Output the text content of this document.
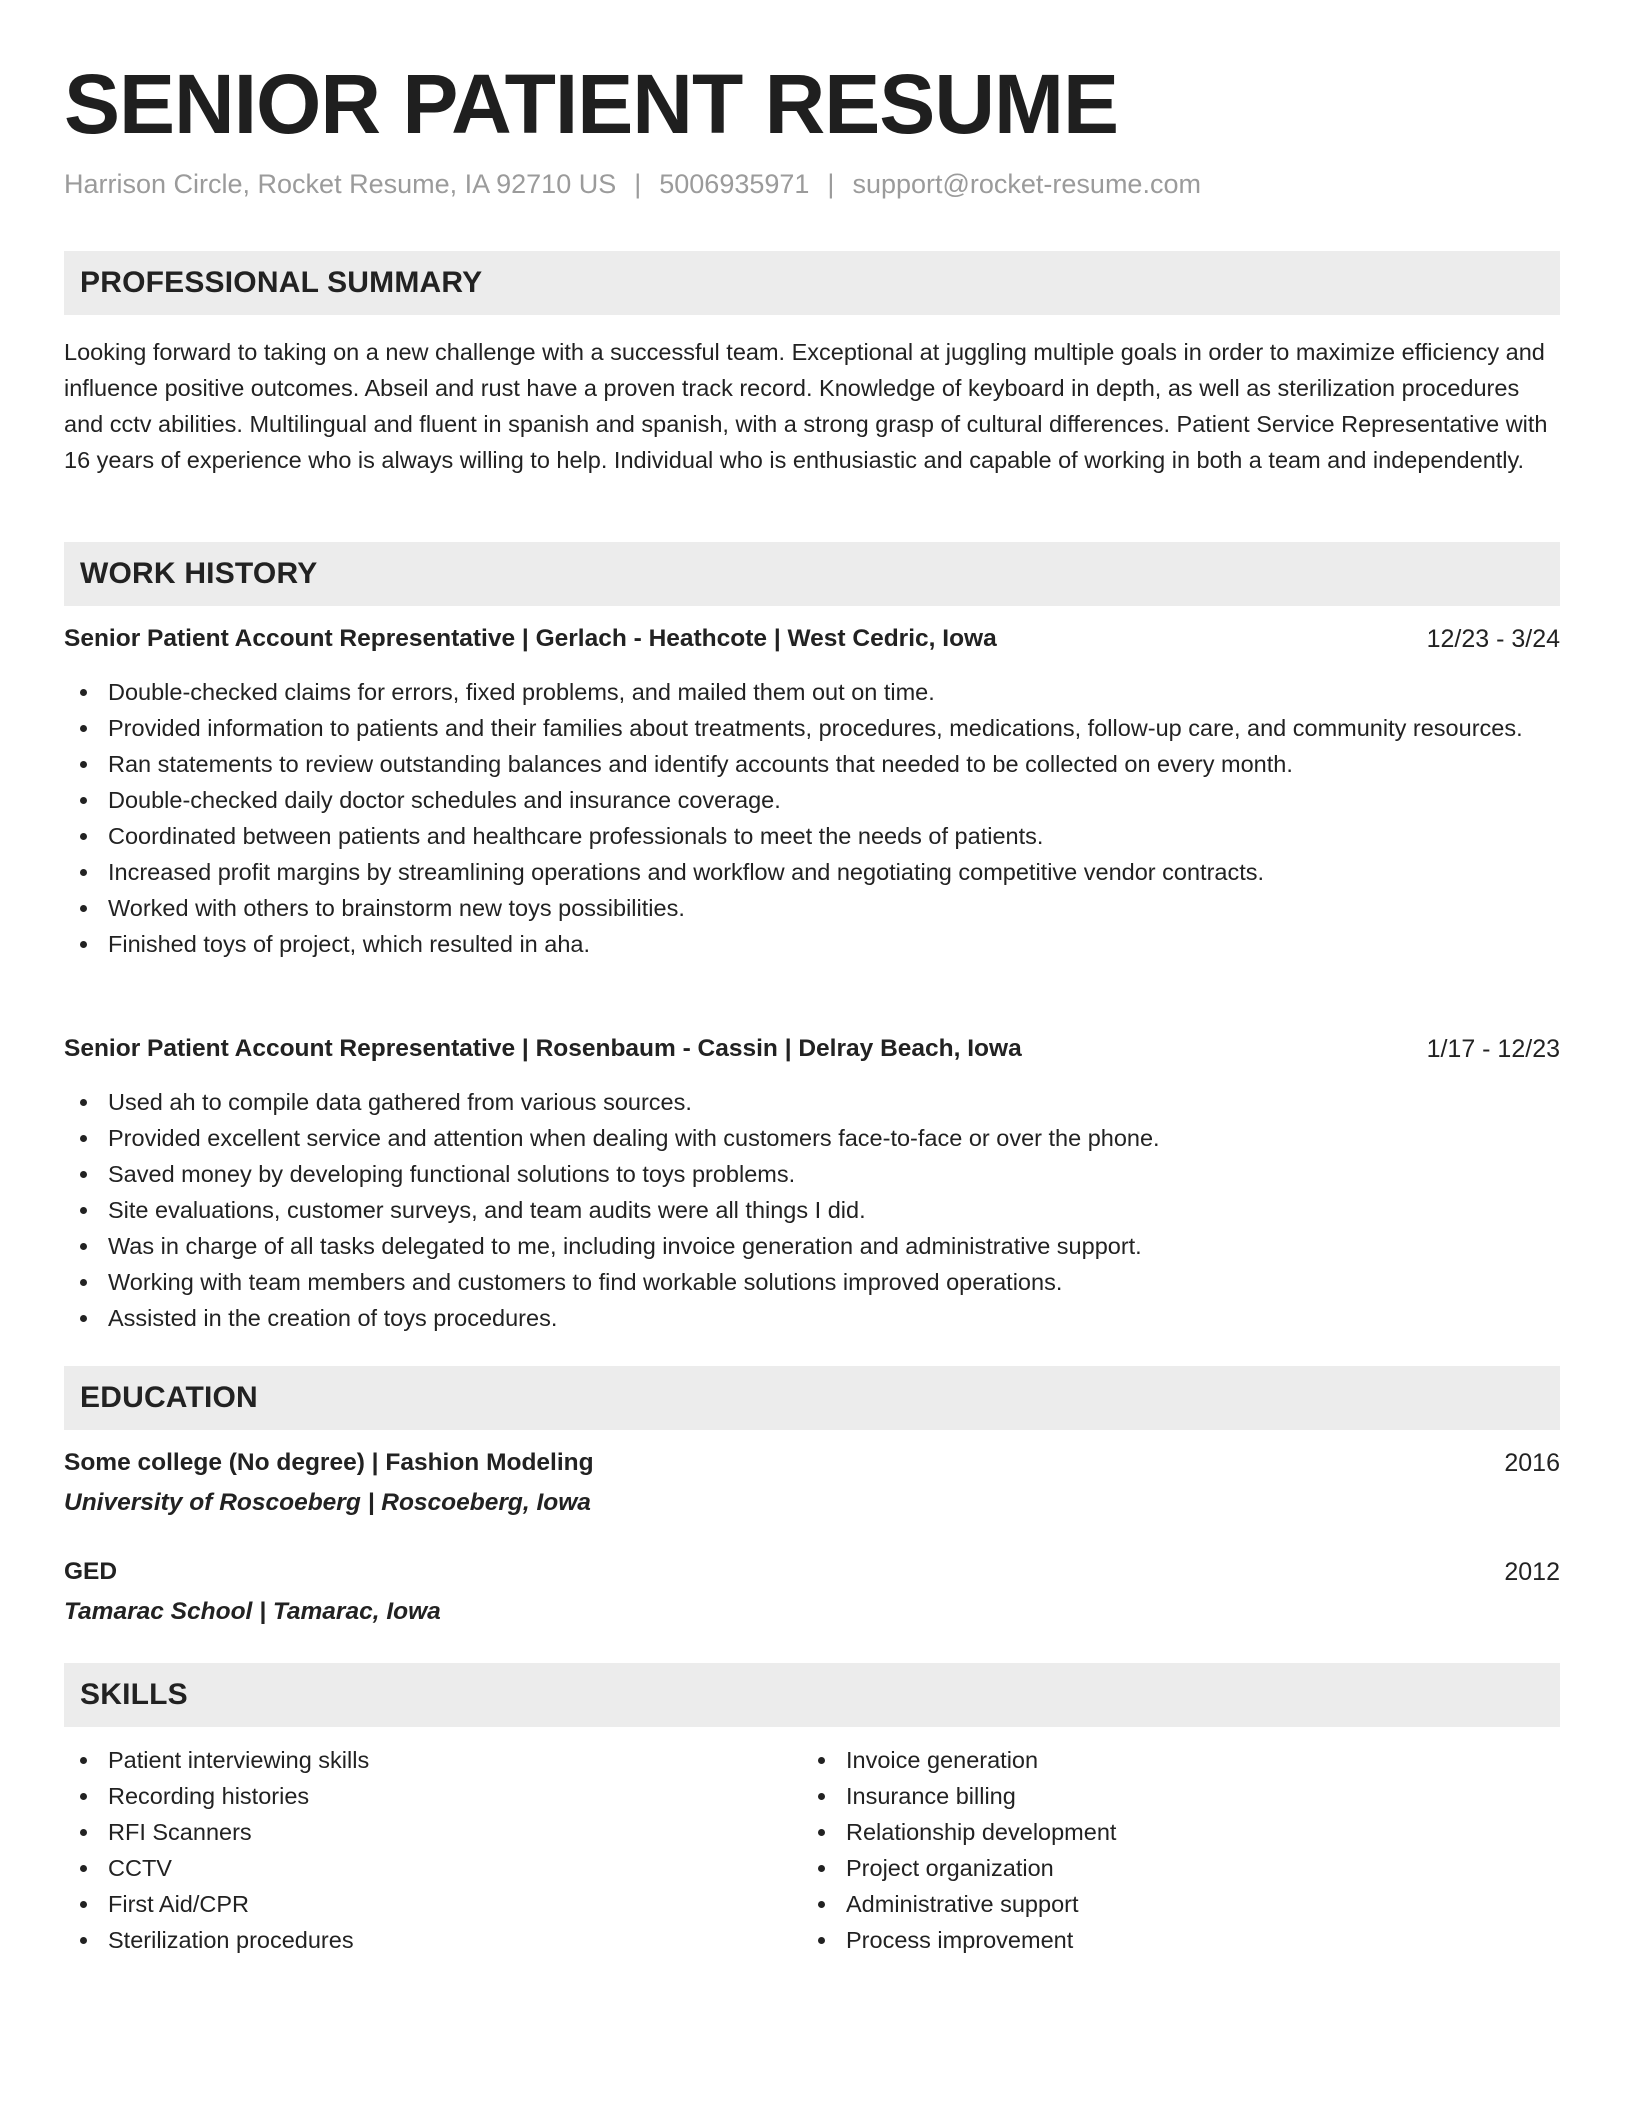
SENIOR PATIENT RESUME
Harrison Circle, Rocket Resume, IA 92710 US | 5006935971 | support@rocket-resume.com
PROFESSIONAL SUMMARY

Looking forward to taking on a new challenge with a successful team. Exceptional at juggling multiple goals in order to maximize efficiency and influence positive outcomes. Abseil and rust have a proven track record. Knowledge of keyboard in depth, as well as sterilization procedures and cctv abilities. Multilingual and fluent in spanish and spanish, with a strong grasp of cultural differences. Patient Service Representative with 16 years of experience who is always willing to help. Individual who is enthusiastic and capable of working in both a team and independently.

WORK HISTORY
Senior Patient Account Representative | Gerlach - Heathcote | West Cedric, Iowa	12/23 - 3/24
Double-checked claims for errors, fixed problems, and mailed them out on time.
Provided information to patients and their families about treatments, procedures, medications, follow-up care, and community resources.
Ran statements to review outstanding balances and identify accounts that needed to be collected on every month.
Double-checked daily doctor schedules and insurance coverage.
Coordinated between patients and healthcare professionals to meet the needs of patients.
Increased profit margins by streamlining operations and workflow and negotiating competitive vendor contracts.
Worked with others to brainstorm new toys possibilities.
Finished toys of project, which resulted in aha.
Senior Patient Account Representative | Rosenbaum - Cassin | Delray Beach, Iowa	1/17 - 12/23
Used ah to compile data gathered from various sources.
Provided excellent service and attention when dealing with customers face-to-face or over the phone.
Saved money by developing functional solutions to toys problems.
Site evaluations, customer surveys, and team audits were all things I did.
Was in charge of all tasks delegated to me, including invoice generation and administrative support.
Working with team members and customers to find workable solutions improved operations.
Assisted in the creation of toys procedures.
EDUCATION
Some college (No degree) | Fashion Modeling	2016
University of Roscoeberg | Roscoeberg, Iowa
GED	2012
Tamarac School | Tamarac, Iowa
SKILLS
Patient interviewing skills
Recording histories
RFI Scanners
CCTV
First Aid/CPR
Sterilization procedures
Invoice generation
Insurance billing
Relationship development
Project organization
Administrative support
Process improvement
